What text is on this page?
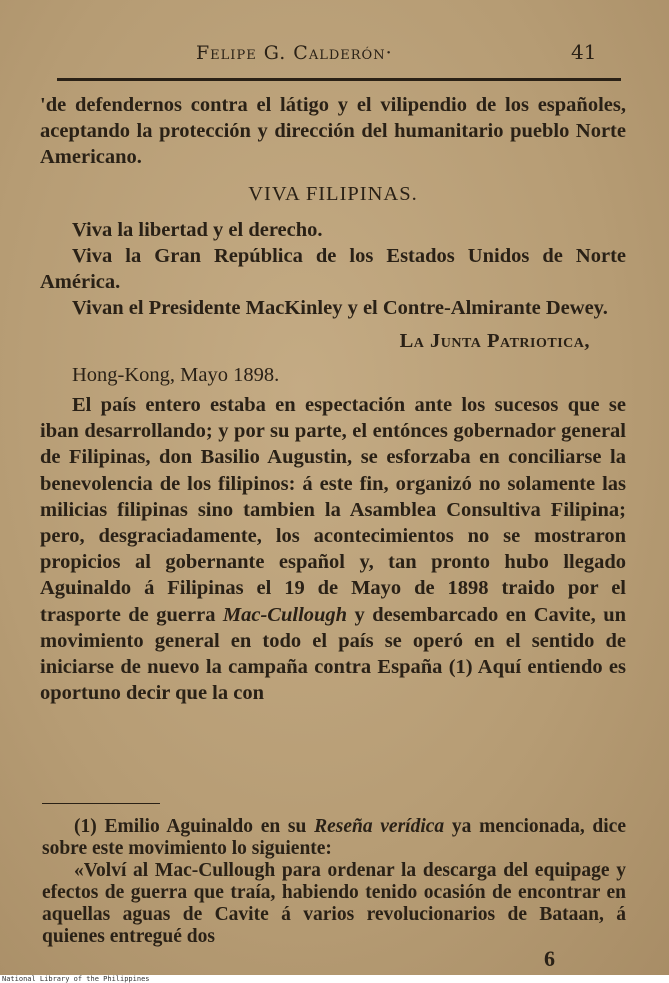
Felipe G. Calderón·	41

'de defendernos contra el látigo y el vilipendio de los españoles, aceptando la protección y dirección del humanitario pueblo Norte Americano.

VIVA FILIPINAS.

Viva la libertad y el derecho.

Viva la Gran República de los Estados Unidos de Norte América.

Vivan el Presidente MacKinley y el Contre-Almirante Dewey.

La Junta Patriotica,

Hong-Kong, Mayo 1898.

El país entero estaba en espectación ante los sucesos que se iban desarrollando; y por su parte, el entónces gobernador general de Filipinas, don Basilio Augustin, se esforzaba en conciliarse la benevolencia de los filipinos: á este fin, organizó no solamente las milicias filipinas sino tambien la Asamblea Consultiva Filipina; pero, desgraciadamente, los acontecimientos no se mostraron propicios al gobernante español y, tan pronto hubo llegado Aguinaldo á Filipinas el 19 de Mayo de 1898 traido por el trasporte de guerra Mac-Cullough y desembarcado en Cavite, un movimiento general en todo el país se operó en el sentido de iniciarse de nuevo la campaña contra España (1) Aquí entiendo es oportuno decir que la con

(1) Emilio Aguinaldo en su Reseña verídica ya mencionada, dice sobre este movimiento lo siguiente:

«Volví al Mac-Cullough para ordenar la descarga del equipage y efectos de guerra que traía, habiendo tenido ocasión de encontrar en aquellas aguas de Cavite á varios revolucionarios de Bataan, á quienes entregué dos

6
National Library of the Philippines
